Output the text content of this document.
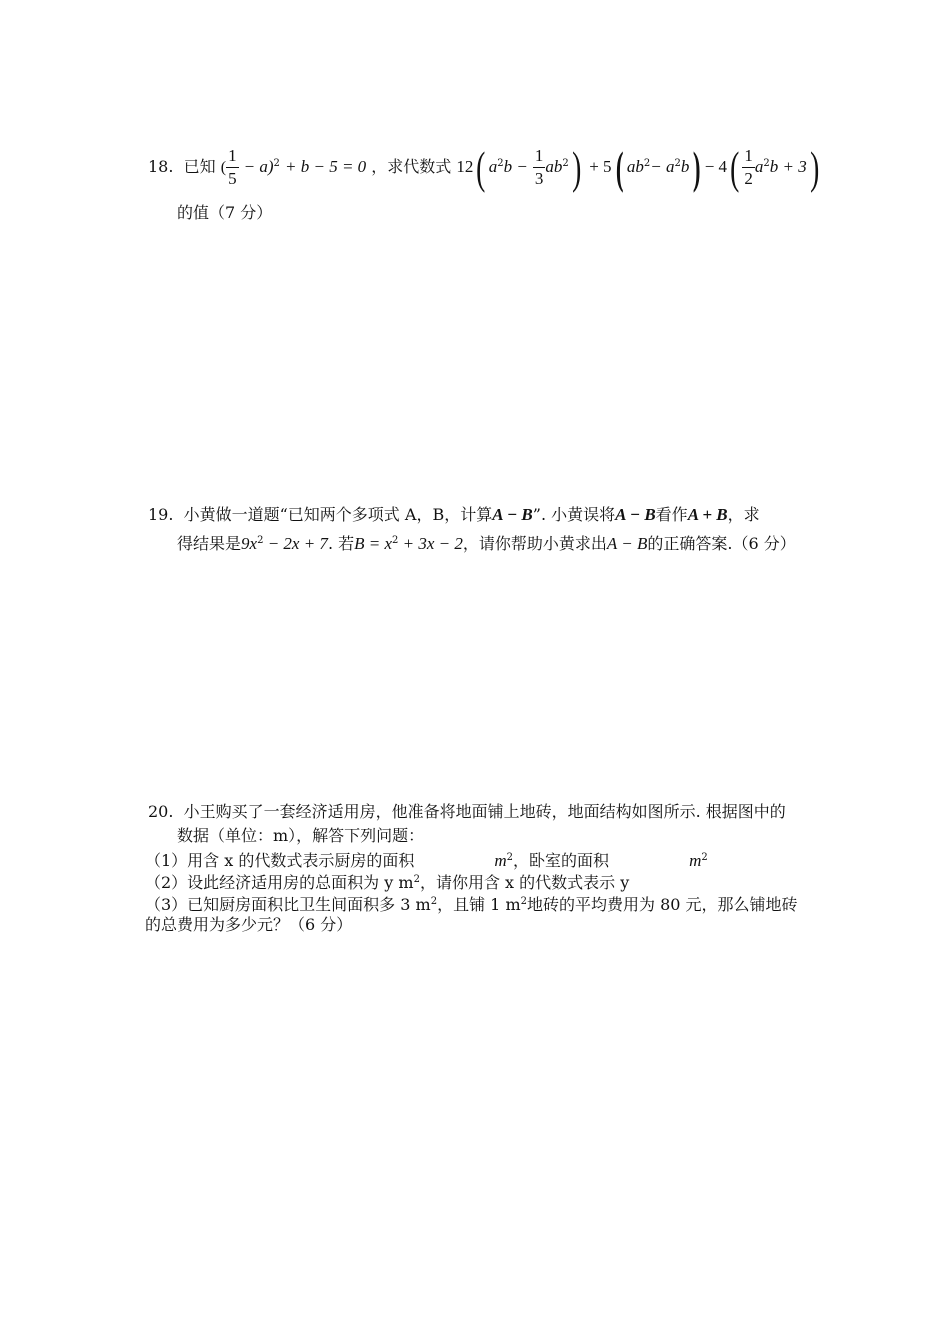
18. 已知 ( $\frac{1}{5} - a)^2 + b - 5 = 0$ ，求代数式 12( $a^2b - \frac{1}{3} ab^2) + 5$( $ab^2- a^2b) - 4( \frac{1}{2} a^2b + 3)$
的值（7 分）
19. 小黄做一道题“已知两个多项式 A，B，计算A − B”. 小黄误将A − B看作A + B，求
得结果是$9x^2 - 2x + 7$. 若$B = x^2 + 3x - 2$，请你帮助小黄求出A − B的正确答案.（6 分）
20. 小王购买了一套经济适用房，他准备将地面铺上地砖，地面结构如图所示. 根据图中的
数据（单位：m），解答下列问题：
（1）用含 x 的代数式表示厨房的面积	$m^2$，卧室的面积	$m^2$
（2）设此经济适用房的总面积为 y $m^2$，请你用含 x 的代数式表示 y
（3）已知厨房面积比卫生间面积多 3 $m^2$，且铺 1 $m^2$地砖的平均费用为 80 元，那么铺地砖
的总费用为多少元？（6 分）
